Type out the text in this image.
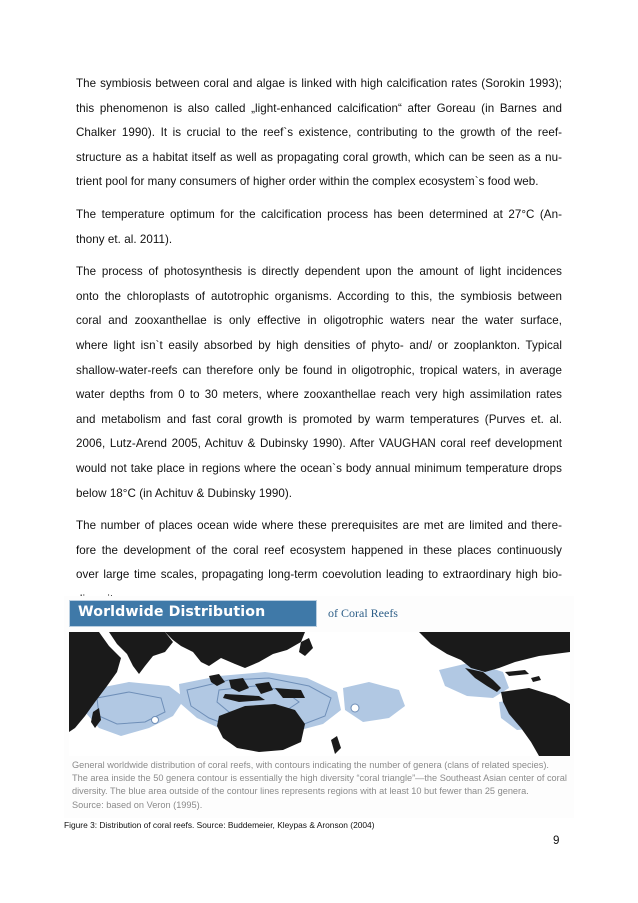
The symbiosis between coral and algae is linked with high calcification rates (Sorokin 1993);
this phenomenon is also called „light-enhanced calcification“ after Goreau (in Barnes and
Chalker 1990). It is crucial to the reef`s existence, contributing to the growth of the reef-
structure as a habitat itself as well as propagating coral growth, which can be seen as a nu-
trient pool for many consumers of higher order within the complex ecosystem`s food web.

The temperature optimum for the calcification process has been determined at 27°C (An-
thony et. al. 2011).

The process of photosynthesis is directly dependent upon the amount of light incidences
onto the chloroplasts of autotrophic organisms. According to this, the symbiosis between
coral and zooxanthellae is only effective in oligotrophic waters near the water surface,
where light isn`t easily absorbed by high densities of phyto- and/ or zooplankton. Typical
shallow-water-reefs can therefore only be found in oligotrophic, tropical waters, in average
water depths from 0 to 30 meters, where zooxanthellae reach very high assimilation rates
and metabolism and fast coral growth is promoted by warm temperatures (Purves et. al.
2006, Lutz-Arend 2005, Achituv & Dubinsky 1990). After VAUGHAN coral reef development
would not take place in regions where the ocean`s body annual minimum temperature drops
below 18°C (in Achituv & Dubinsky 1990).

The number of places ocean wide where these prerequisites are met are limited and there-
fore the development of the coral reef ecosystem happened in these places continuously
over large time scales, propagating long-term coevolution leading to extraordinary high bio-

Worldwide Distribution	of Coral Reefs
General worldwide distribution of coral reefs, with contours indicating the number of genera (clans of related species).
The area inside the 50 genera contour is essentially the high diversity “coral triangle”—the Southeast Asian center of coral
diversity. The blue area outside of the contour lines represents regions with at least 10 but fewer than 25 genera.
Source: based on Veron (1995).
Figure 3: Distribution of coral reefs. Source: Buddemeier, Kleypas & Aronson (2004)
9
